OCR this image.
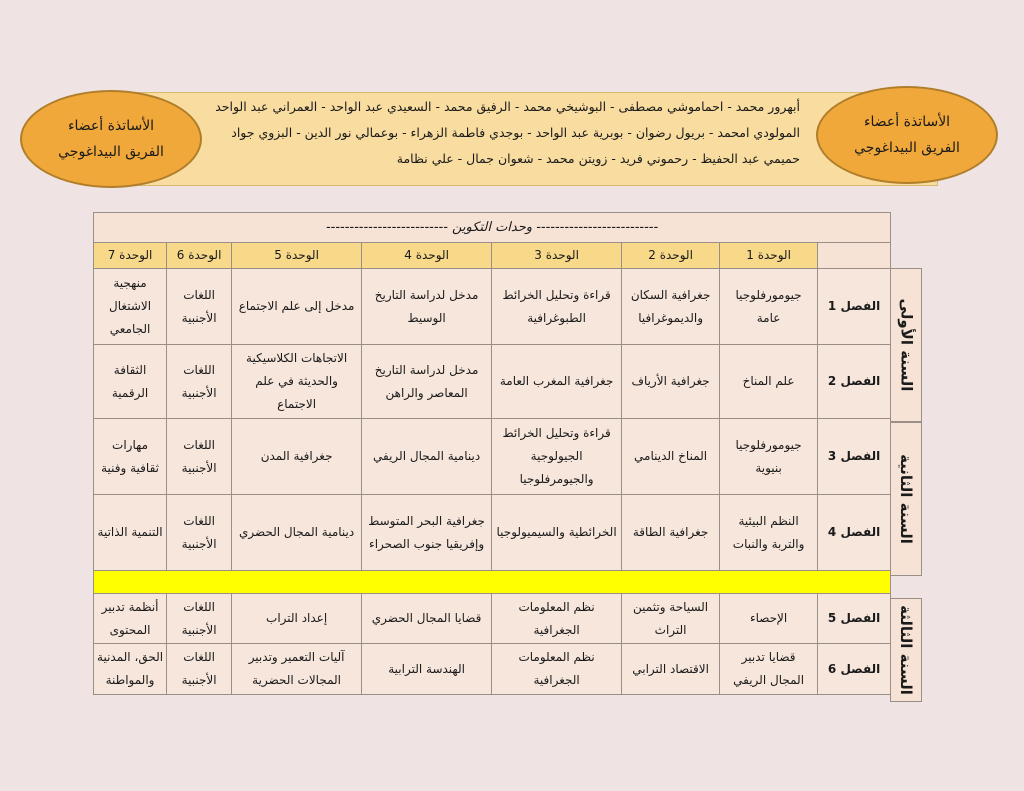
الأساتذة أعضاء
الفريق البيداغوجي
الأساتذة أعضاء
الفريق البيداغوجي
أبهرور محمد - احماموشي مصطفى - البوشيخي محمد - الرفيق محمد - السعيدي عبد الواحد - العمراني عبد الواحد
المولودي امحمد - بريول رضوان - بوبرية عبد الواحد - بوجدي فاطمة الزهراء - بوعمالي نور الدين - البزوي جواد
حميمي عبد الحفيظ - رحموني فريد - زويتن محمد - شعوان جمال - علي نظامة
-------------------------- وحدات التكوين --------------------------							
	الوحدة 1	الوحدة 2	الوحدة 3	الوحدة 4	الوحدة 5	الوحدة 6	الوحدة 7
الفصل 1	جيومورفلوجيا عامة	جغرافية السكان والديموغرافيا	قراءة وتحليل الخرائط الطبوغرافية	مدخل لدراسة التاريخ الوسيط	مدخل إلى علم الاجتماع	اللغات الأجنبية	منهجية الاشتغال الجامعي
الفصل 2	علم المناخ	جغرافية الأرياف	جغرافية المغرب العامة	مدخل لدراسة التاريخ المعاصر والراهن	الاتجاهات الكلاسيكية والحديثة في علم الاجتماع	اللغات الأجنبية	الثقافة الرقمية
الفصل 3	جيومورفلوجيا بنيوية	المناخ الدينامي	قراءة وتحليل الخرائط الجيولوجية والجيومرفلوجيا	دينامية المجال الريفي	جغرافية المدن	اللغات الأجنبية	مهارات ثقافية وفنية
الفصل 4	النظم البيئية والتربة والنبات	جغرافية الطاقة	الخرائطية والسيميولوجيا	جغرافية البحر المتوسط وإفريقيا جنوب الصحراء	دينامية المجال الحضري	اللغات الأجنبية	التنمية الذاتية

الفصل 5	الإحصاء	السياحة وتثمين التراث	نظم المعلومات الجغرافية	قضايا المجال الحضري	إعداد التراب	اللغات الأجنبية	أنظمة تدبير المحتوى
الفصل 6	قضايا تدبير المجال الريفي	الاقتصاد الترابي	نظم المعلومات الجغرافية	الهندسة الترابية	آليات التعمير وتدبير المجالات الحضرية	اللغات الأجنبية	الحق، المدنية والمواطنة
السنة الأولى
السنة الثانية
السنة الثالثة
